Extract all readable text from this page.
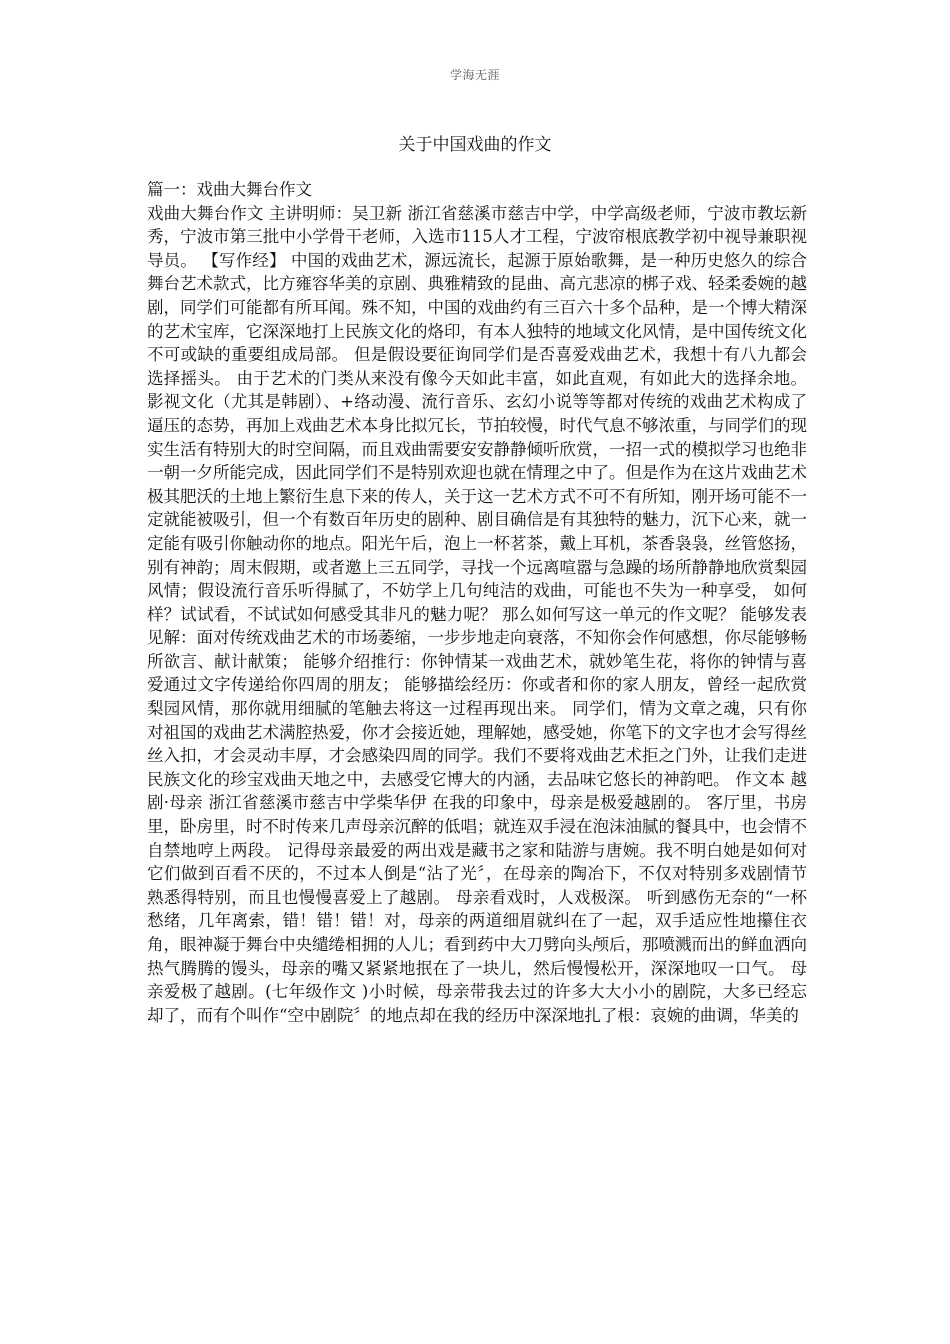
学海无涯
关于中国戏曲的作文

篇一：戏曲大舞台作文

戏曲大舞台作文 主讲明师：吴卫新 浙江省慈溪市慈吉中学，中学高级老师，宁波市教坛新秀，宁波市第三批中小学骨干老师，入选市115人才工程，宁波帘根底教学初中视导兼职视导员。 【写作经】 中国的戏曲艺术，源远流长，起源于原始歌舞，是一种历史悠久的综合舞台艺术款式，比方雍容华美的京剧、典雅精致的昆曲、高亢悲凉的梆子戏、轻柔委婉的越剧，同学们可能都有所耳闻。殊不知，中国的戏曲约有三百六十多个品种，是一个博大精深的艺术宝库，它深深地打上民族文化的烙印，有本人独特的地域文化风情，是中国传统文化不可或缺的重要组成局部。 但是假设要征询同学们是否喜爱戏曲艺术，我想十有八九都会选择摇头。 由于艺术的门类从来没有像今天如此丰富，如此直观，有如此大的选择余地。影视文化（尤其是韩剧）、+络动漫、流行音乐、玄幻小说等等都对传统的戏曲艺术构成了逼压的态势，再加上戏曲艺术本身比拟冗长，节拍较慢，时代气息不够浓重，与同学们的现实生活有特别大的时空间隔，而且戏曲需要安安静静倾听欣赏，一招一式的模拟学习也绝非一朝一夕所能完成，因此同学们不是特别欢迎也就在情理之中了。但是作为在这片戏曲艺术极其肥沃的土地上繁衍生息下来的传人，关于这一艺术方式不可不有所知，刚开场可能不一定就能被吸引，但一个有数百年历史的剧种、剧目确信是有其独特的魅力，沉下心来，就一定能有吸引你触动你的地点。阳光午后，泡上一杯茗茶，戴上耳机，茶香袅袅，丝管悠扬，别有神韵；周末假期，或者邀上三五同学，寻找一个远离喧嚣与急躁的场所静静地欣赏梨园风情；假设流行音乐听得腻了，不妨学上几句纯洁的戏曲，可能也不失为一种享受， 如何样？试试看，不试试如何感受其非凡的魅力呢？ 那么如何写这一单元的作文呢？ 能够发表见解：面对传统戏曲艺术的市场萎缩，一步步地走向衰落，不知你会作何感想，你尽能够畅所欲言、献计献策； 能够介绍推行：你钟情某一戏曲艺术，就妙笔生花，将你的钟情与喜爱通过文字传递给你四周的朋友； 能够描绘经历：你或者和你的家人朋友，曾经一起欣赏梨园风情，那你就用细腻的笔触去将这一过程再现出来。 同学们，情为文章之魂，只有你对祖国的戏曲艺术满腔热爱，你才会接近她，理解她，感受她，你笔下的文字也才会写得丝丝入扣，才会灵动丰厚，才会感染四周的同学。我们不要将戏曲艺术拒之门外，让我们走进民族文化的珍宝戏曲天地之中，去感受它博大的内涵，去品味它悠长的神韵吧。 作文本 越剧·母亲 浙江省慈溪市慈吉中学柴华伊 在我的印象中，母亲是极爱越剧的。 客厅里，书房里，卧房里，时不时传来几声母亲沉醉的低唱；就连双手浸在泡沫油腻的餐具中，也会情不自禁地哼上两段。 记得母亲最爱的两出戏是藏书之家和陆游与唐婉。我不明白她是如何对它们做到百看不厌的，不过本人倒是“沾了光〞，在母亲的陶冶下，不仅对特别多戏剧情节熟悉得特别，而且也慢慢喜爱上了越剧。 母亲看戏时，人戏极深。 听到感伤无奈的“一杯愁绪，几年离索，错！错！错！对，母亲的两道细眉就纠在了一起，双手适应性地攥住衣角，眼神凝于舞台中央缱绻相拥的人儿；看到药中大刀劈向头颅后，那喷溅而出的鲜血洒向热气腾腾的馒头，母亲的嘴又紧紧地抿在了一块儿，然后慢慢松开，深深地叹一口气。 母亲爱极了越剧。(七年级作文 )小时候，母亲带我去过的许多大大小小的剧院，大多已经忘却了，而有个叫作“空中剧院〞的地点却在我的经历中深深地扎了根：哀婉的曲调，华美的
